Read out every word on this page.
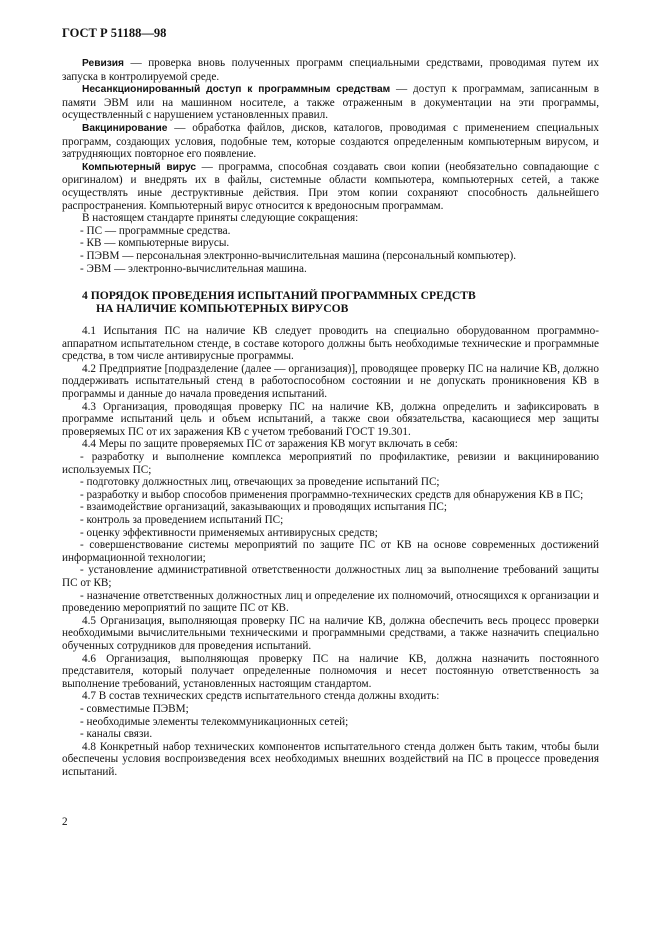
ГОСТ Р 51188—98

Ревизия — проверка вновь полученных программ специальными средствами, проводимая путем их запуска в контролируемой среде.

Несанкционированный доступ к программным средствам — доступ к программам, записанным в памяти ЭВМ или на машинном носителе, а также отраженным в документации на эти программы, осуществленный с нарушением установленных правил.

Вакцинирование — обработка файлов, дисков, каталогов, проводимая с применением специальных программ, создающих условия, подобные тем, которые создаются определенным компьютерным вирусом, и затрудняющих повторное его появление.

Компьютерный вирус — программа, способная создавать свои копии (необязательно совпадающие с оригиналом) и внедрять их в файлы, системные области компьютера, компьютерных сетей, а также осуществлять иные деструктивные действия. При этом копии сохраняют способность дальнейшего распространения. Компьютерный вирус относится к вредоносным программам.

В настоящем стандарте приняты следующие сокращения:

- ПС — программные средства.

- КВ — компьютерные вирусы.

- ПЭВМ — персональная электронно-вычислительная машина (персональный компьютер).

- ЭВМ — электронно-вычислительная машина.

4 ПОРЯДОК ПРОВЕДЕНИЯ ИСПЫТАНИЙ ПРОГРАММНЫХ СРЕДСТВ
НА НАЛИЧИЕ КОМПЬЮТЕРНЫХ ВИРУСОВ

4.1 Испытания ПС на наличие КВ следует проводить на специально оборудованном программно-аппаратном испытательном стенде, в составе которого должны быть необходимые технические и программные средства, в том числе антивирусные программы.

4.2 Предприятие [подразделение (далее — организация)], проводящее проверку ПС на наличие КВ, должно поддерживать испытательный стенд в работоспособном состоянии и не допускать проникновения КВ в программы и данные до начала проведения испытаний.

4.3 Организация, проводящая проверку ПС на наличие КВ, должна определить и зафиксировать в программе испытаний цель и объем испытаний, а также свои обязательства, касающиеся мер защиты проверяемых ПС от их заражения КВ с учетом требований ГОСТ 19.301.

4.4 Меры по защите проверяемых ПС от заражения КВ могут включать в себя:

- разработку и выполнение комплекса мероприятий по профилактике, ревизии и вакцинированию используемых ПС;

- подготовку должностных лиц, отвечающих за проведение испытаний ПС;

- разработку и выбор способов применения программно-технических средств для обнаружения КВ в ПС;

- взаимодействие организаций, заказывающих и проводящих испытания ПС;

- контроль за проведением испытаний ПС;

- оценку эффективности применяемых антивирусных средств;

- совершенствование системы мероприятий по защите ПС от КВ на основе современных достижений информационной технологии;

- установление административной ответственности должностных лиц за выполнение требований защиты ПС от КВ;

- назначение ответственных должностных лиц и определение их полномочий, относящихся к организации и проведению мероприятий по защите ПС от КВ.

4.5 Организация, выполняющая проверку ПС на наличие КВ, должна обеспечить весь процесс проверки необходимыми вычислительными техническими и программными средствами, а также назначить специально обученных сотрудников для проведения испытаний.

4.6 Организация, выполняющая проверку ПС на наличие КВ, должна назначить постоянного представителя, который получает определенные полномочия и несет постоянную ответственность за выполнение требований, установленных настоящим стандартом.

4.7 В состав технических средств испытательного стенда должны входить:

- совместимые ПЭВМ;

- необходимые элементы телекоммуникационных сетей;

- каналы связи.

4.8 Конкретный набор технических компонентов испытательного стенда должен быть таким, чтобы были обеспечены условия воспроизведения всех необходимых внешних воздействий на ПС в процессе проведения испытаний.

2
